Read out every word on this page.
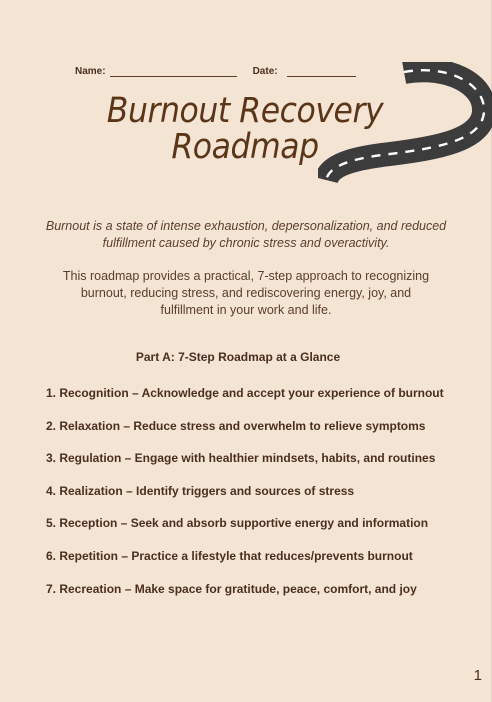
Name:	Date:
Burnout Recovery
Roadmap
Burnout is a state of intense exhaustion, depersonalization, and reduced fulfillment caused by chronic stress and overactivity.
This roadmap provides a practical, 7-step approach to recognizing burnout, reducing stress, and rediscovering energy, joy, and fulfillment in your work and life.
Part A: 7-Step Roadmap at a Glance
1. Recognition – Acknowledge and accept your experience of burnout
2. Relaxation – Reduce stress and overwhelm to relieve symptoms
3. Regulation – Engage with healthier mindsets, habits, and routines
4. Realization – Identify triggers and sources of stress
5. Reception – Seek and absorb supportive energy and information
6. Repetition – Practice a lifestyle that reduces/prevents burnout
7. Recreation – Make space for gratitude, peace, comfort, and joy
1
